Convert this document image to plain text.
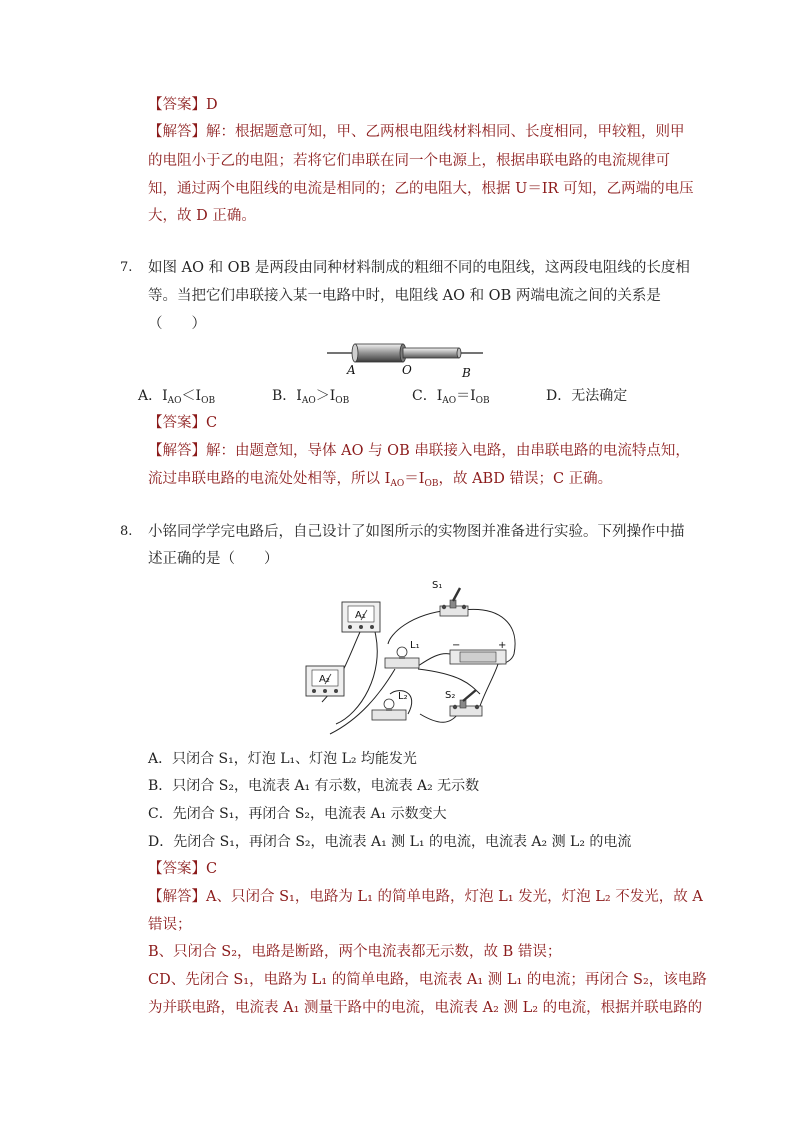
【答案】D
【解答】解：根据题意可知，甲、乙两根电阻线材料相同、长度相同，甲较粗，则甲
的电阻小于乙的电阻；若将它们串联在同一个电源上，根据串联电路的电流规律可
知，通过两个电阻线的电流是相同的；乙的电阻大，根据 U＝IR 可知，乙两端的电压
大，故 D 正确。
7. 如图 AO 和 OB 是两段由同种材料制成的粗细不同的电阻线，这两段电阻线的长度相
等。当把它们串联接入某一电路中时，电阻线 AO 和 OB 两端电流之间的关系是
（　　）
A	O	B
A．$I_{AO}<I_{OB}$	B．$I_{AO}>I_{OB}$	C．$I_{AO}=I_{OB}$	D．无法确定
【答案】C
【解答】解：由题意知，导体 AO 与 OB 串联接入电路，由串联电路的电流特点知，
流过串联电路的电流处处相等，所以 $I_{AO}=I_{OB}$，故 ABD 错误；C 正确。
8. 小铭同学学完电路后，自己设计了如图所示的实物图并准备进行实验。下列操作中描
述正确的是（　　）
S₁
A₁
L₁	−	+
A₂
L₂	S₂
A．只闭合 S₁，灯泡 L₁、灯泡 L₂ 均能发光
B．只闭合 S₂，电流表 A₁ 有示数，电流表 A₂ 无示数
C．先闭合 S₁，再闭合 S₂，电流表 A₁ 示数变大
D．先闭合 S₁，再闭合 S₂，电流表 A₁ 测 L₁ 的电流，电流表 A₂ 测 L₂ 的电流
【答案】C
【解答】A、只闭合 S₁，电路为 L₁ 的简单电路，灯泡 L₁ 发光，灯泡 L₂ 不发光，故 A
错误；
B、只闭合 S₂，电路是断路，两个电流表都无示数，故 B 错误；
CD、先闭合 S₁，电路为 L₁ 的简单电路，电流表 A₁ 测 L₁ 的电流；再闭合 S₂，该电路
为并联电路，电流表 A₁ 测量干路中的电流，电流表 A₂ 测 L₂ 的电流，根据并联电路的
